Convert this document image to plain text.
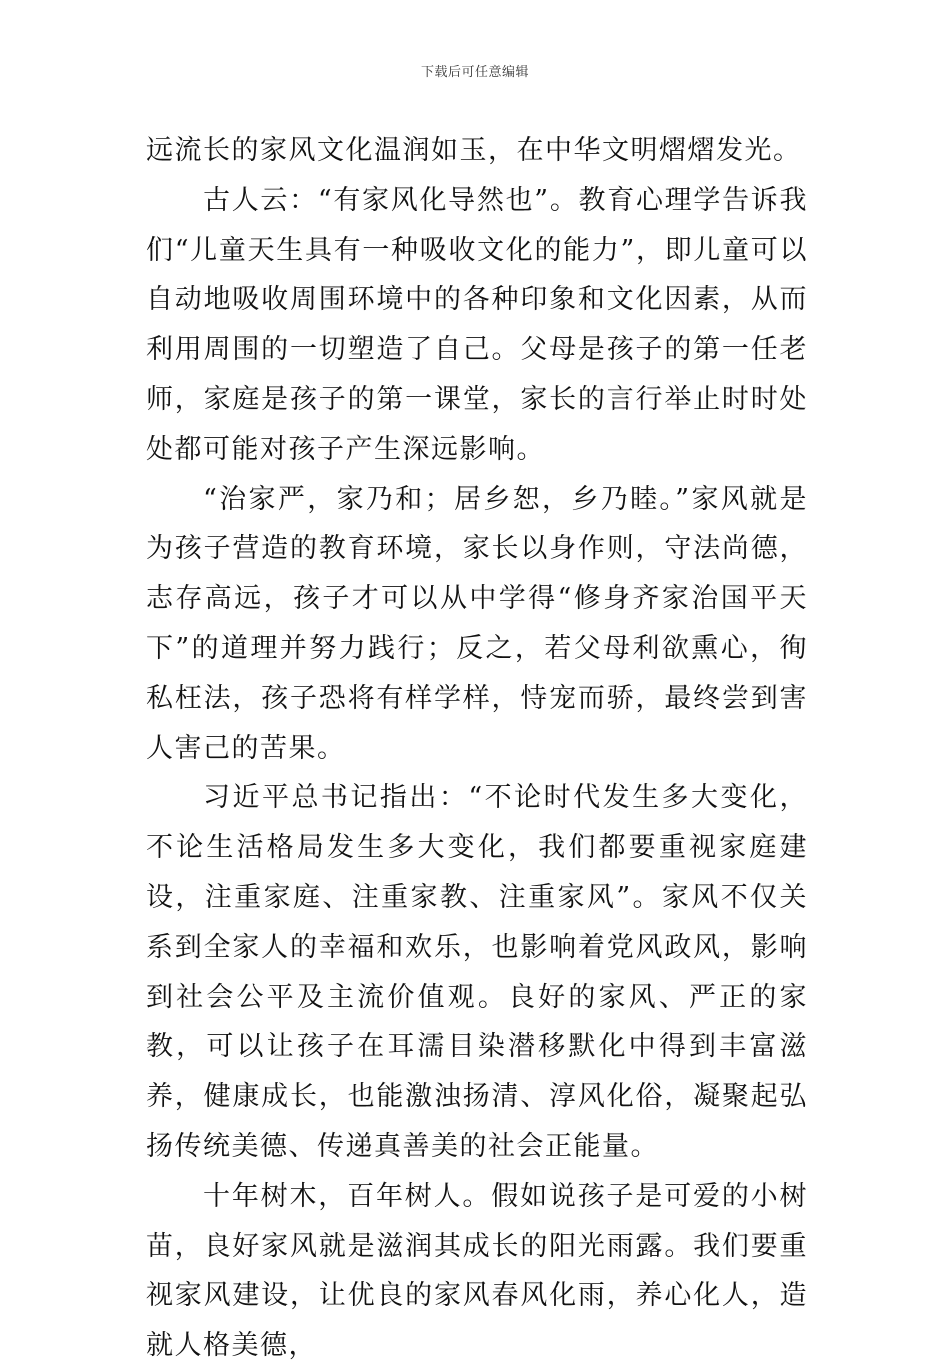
下载后可任意编辑

远流长的家风文化温润如玉，在中华文明熠熠发光。

古人云：“有家风化导然也”。教育心理学告诉我们“儿童天生具有一种吸收文化的能力”，即儿童可以自动地吸收周围环境中的各种印象和文化因素，从而利用周围的一切塑造了自己。父母是孩子的第一任老师，家庭是孩子的第一课堂，家长的言行举止时时处处都可能对孩子产生深远影响。

“治家严，家乃和；居乡恕，乡乃睦。”家风就是为孩子营造的教育环境，家长以身作则，守法尚德，志存高远，孩子才可以从中学得“修身齐家治国平天下”的道理并努力践行；反之，若父母利欲熏心，徇私枉法，孩子恐将有样学样，恃宠而骄，最终尝到害人害己的苦果。

习近平总书记指出：“不论时代发生多大变化，不论生活格局发生多大变化，我们都要重视家庭建设，注重家庭、注重家教、注重家风”。家风不仅关系到全家人的幸福和欢乐，也影响着党风政风，影响到社会公平及主流价值观。良好的家风、严正的家教，可以让孩子在耳濡目染潜移默化中得到丰富滋养，健康成长，也能激浊扬清、淳风化俗，凝聚起弘扬传统美德、传递真善美的社会正能量。

十年树木，百年树人。假如说孩子是可爱的小树苗，良好家风就是滋润其成长的阳光雨露。我们要重视家风建设，让优良的家风春风化雨，养心化人，造就人格美德，
